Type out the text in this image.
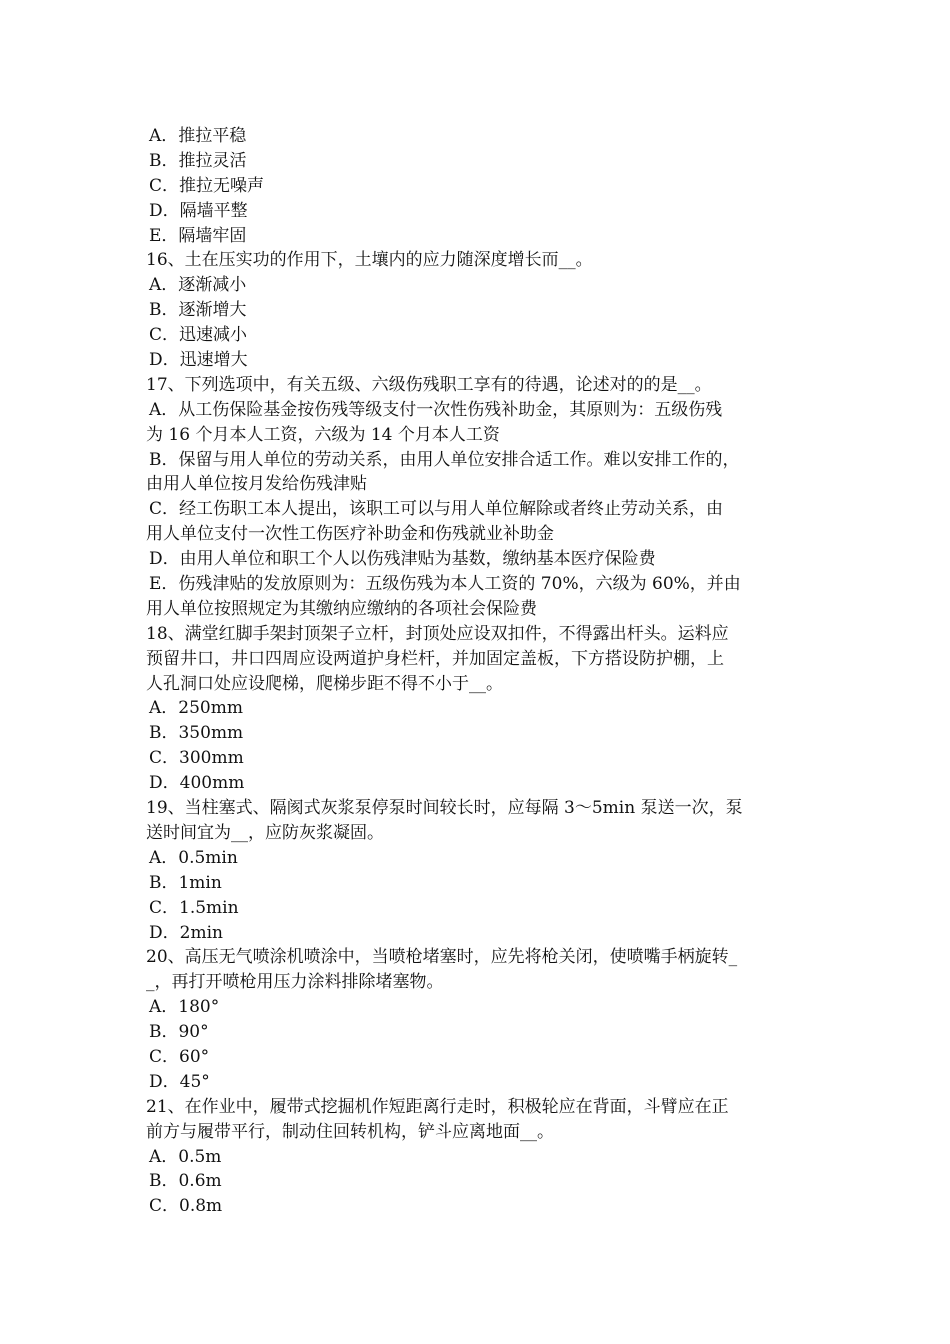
A．推拉平稳
B．推拉灵活
C．推拉无噪声
D．隔墙平整
E．隔墙牢固
16、土在压实功的作用下，土壤内的应力随深度增长而__。
A．逐渐减小
B．逐渐增大
C．迅速减小
D．迅速增大
17、下列选项中，有关五级、六级伤残职工享有的待遇，论述对的的是__。
A．从工伤保险基金按伤残等级支付一次性伤残补助金，其原则为：五级伤残
为 16 个月本人工资，六级为 14 个月本人工资
B．保留与用人单位的劳动关系，由用人单位安排合适工作。难以安排工作的，
由用人单位按月发给伤残津贴
C．经工伤职工本人提出，该职工可以与用人单位解除或者终止劳动关系，由
用人单位支付一次性工伤医疗补助金和伤残就业补助金
D．由用人单位和职工个人以伤残津贴为基数，缴纳基本医疗保险费
E．伤残津贴的发放原则为：五级伤残为本人工资的 70%，六级为 60%，并由
用人单位按照规定为其缴纳应缴纳的各项社会保险费
18、满堂红脚手架封顶架子立杆，封顶处应设双扣件，不得露出杆头。运料应
预留井口，井口四周应设两道护身栏杆，并加固定盖板，下方搭设防护棚，上
人孔洞口处应设爬梯，爬梯步距不得不小于__。
A．250mm
B．350mm
C．300mm
D．400mm
19、当柱塞式、隔阂式灰浆泵停泵时间较长时，应每隔 3～5min 泵送一次，泵
送时间宜为__，应防灰浆凝固。
A．0.5min
B．1min
C．1.5min
D．2min
20、高压无气喷涂机喷涂中，当喷枪堵塞时，应先将枪关闭，使喷嘴手柄旋转_
_，再打开喷枪用压力涂料排除堵塞物。
A．180°
B．90°
C．60°
D．45°
21、在作业中，履带式挖掘机作短距离行走时，积极轮应在背面，斗臂应在正
前方与履带平行，制动住回转机构，铲斗应离地面__。
A．0.5m
B．0.6m
C．0.8m
